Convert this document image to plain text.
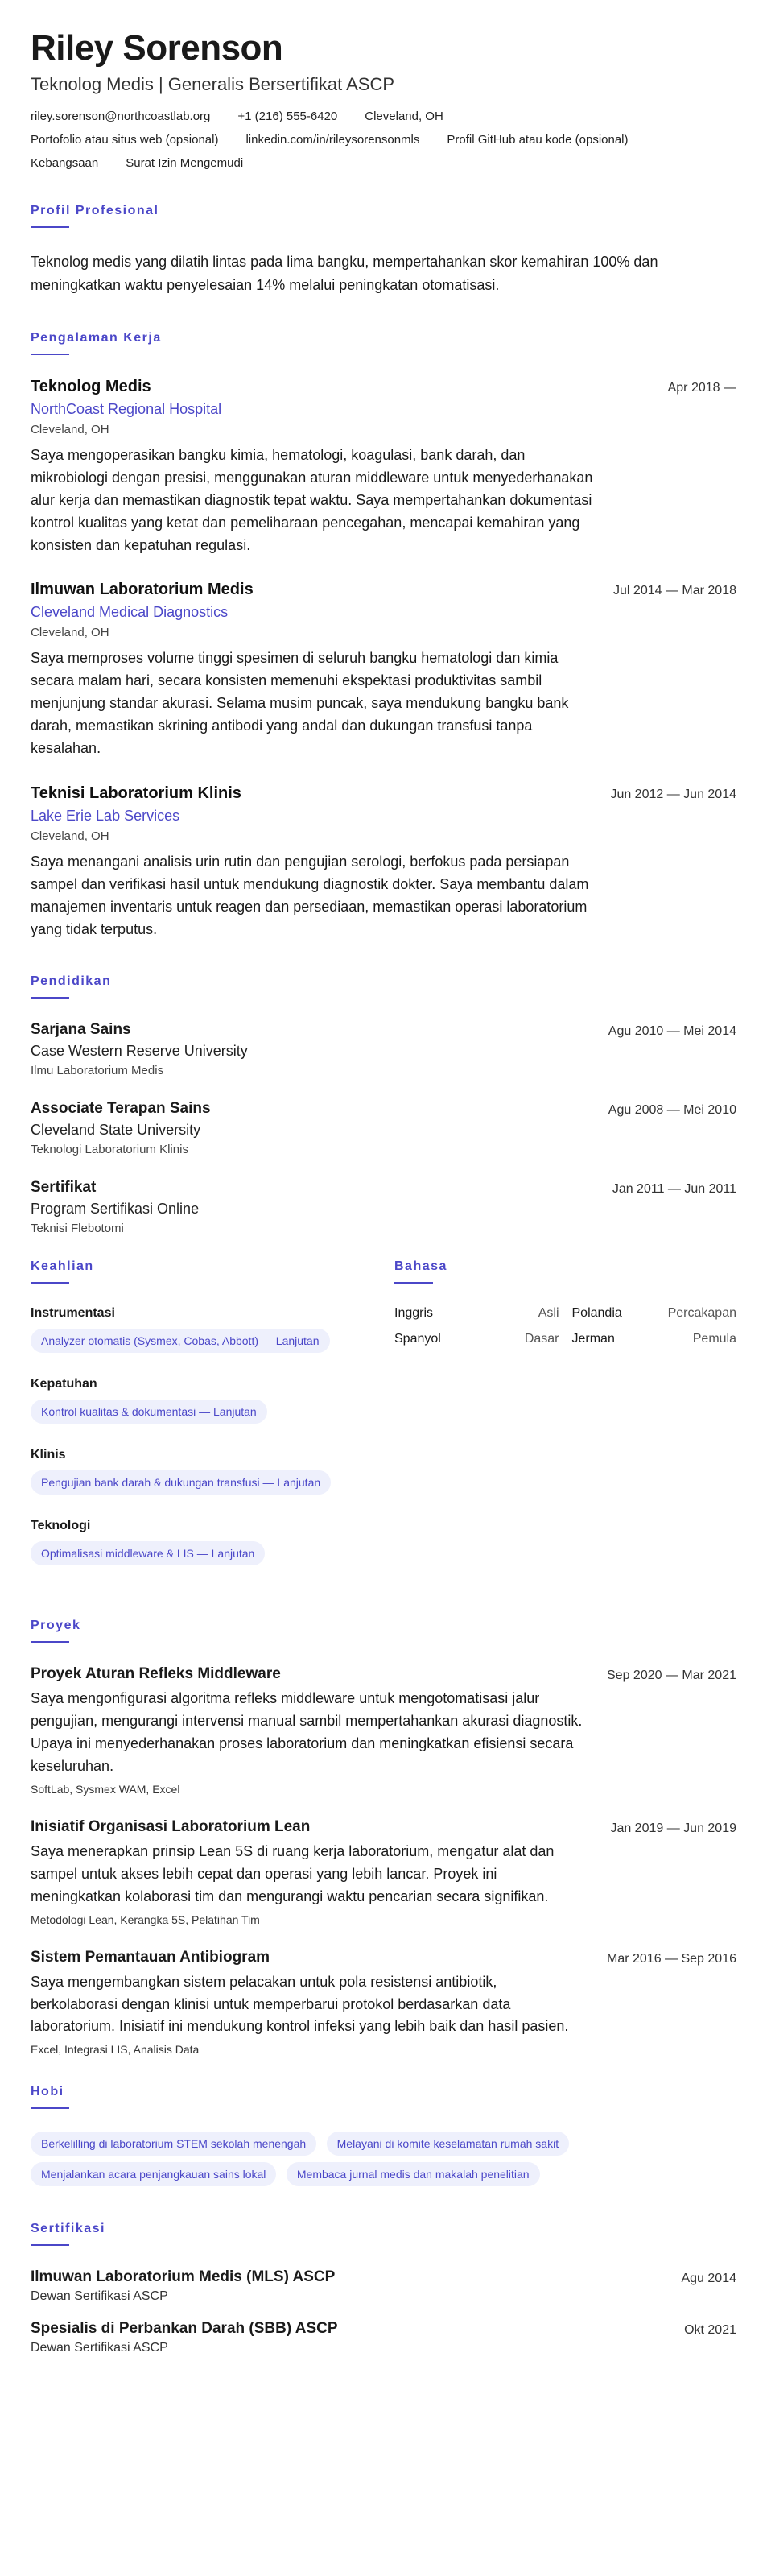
Riley Sorenson
Teknolog Medis | Generalis Bersertifikat ASCP
riley.sorenson@northcoastlab.org +1 (216) 555-6420 Cleveland, OH
Portofolio atau situs web (opsional) linkedin.com/in/rileysorensonmls Profil GitHub atau kode (opsional)
Kebangsaan Surat Izin Mengemudi
Profil Profesional

Teknolog medis yang dilatih lintas pada lima bangku, mempertahankan skor kemahiran 100% dan meningkatkan waktu penyelesaian 14% melalui peningkatan otomatisasi.

Pengalaman Kerja
Teknolog Medis
NorthCoast Regional Hospital
Cleveland, OH
Saya mengoperasikan bangku kimia, hematologi, koagulasi, bank darah, dan mikrobiologi dengan presisi, menggunakan aturan middleware untuk menyederhanakan alur kerja dan memastikan diagnostik tepat waktu. Saya mempertahankan dokumentasi kontrol kualitas yang ketat dan pemeliharaan pencegahan, mencapai kemahiran yang konsisten dan kepatuhan regulasi.
Apr 2018 —
Ilmuwan Laboratorium Medis
Cleveland Medical Diagnostics
Cleveland, OH
Saya memproses volume tinggi spesimen di seluruh bangku hematologi dan kimia secara malam hari, secara konsisten memenuhi ekspektasi produktivitas sambil menjunjung standar akurasi. Selama musim puncak, saya mendukung bangku bank darah, memastikan skrining antibodi yang andal dan dukungan transfusi tanpa kesalahan.
Jul 2014 — Mar 2018
Teknisi Laboratorium Klinis
Lake Erie Lab Services
Cleveland, OH
Saya menangani analisis urin rutin dan pengujian serologi, berfokus pada persiapan sampel dan verifikasi hasil untuk mendukung diagnostik dokter. Saya membantu dalam manajemen inventaris untuk reagen dan persediaan, memastikan operasi laboratorium yang tidak terputus.
Jun 2012 — Jun 2014
Pendidikan
Sarjana Sains
Case Western Reserve University
Ilmu Laboratorium Medis
Agu 2010 — Mei 2014
Associate Terapan Sains
Cleveland State University
Teknologi Laboratorium Klinis
Agu 2008 — Mei 2010
Sertifikat
Program Sertifikasi Online
Teknisi Flebotomi
Jan 2011 — Jun 2011
Keahlian
Instrumentasi
Analyzer otomatis (Sysmex, Cobas, Abbott) — Lanjutan
Kepatuhan
Kontrol kualitas & dokumentasi — Lanjutan
Klinis
Pengujian bank darah & dukungan transfusi — Lanjutan
Teknologi
Optimalisasi middleware & LIS — Lanjutan
Bahasa
Inggris	Asli Polandia	Percakapan
Spanyol	Dasar Jerman	Pemula
Proyek
Proyek Aturan Refleks Middleware
Saya mengonfigurasi algoritma refleks middleware untuk mengotomatisasi jalur pengujian, mengurangi intervensi manual sambil mempertahankan akurasi diagnostik. Upaya ini menyederhanakan proses laboratorium dan meningkatkan efisiensi secara keseluruhan.
SoftLab, Sysmex WAM, Excel
Sep 2020 — Mar 2021
Inisiatif Organisasi Laboratorium Lean
Saya menerapkan prinsip Lean 5S di ruang kerja laboratorium, mengatur alat dan sampel untuk akses lebih cepat dan operasi yang lebih lancar. Proyek ini meningkatkan kolaborasi tim dan mengurangi waktu pencarian secara signifikan.
Metodologi Lean, Kerangka 5S, Pelatihan Tim
Jan 2019 — Jun 2019
Sistem Pemantauan Antibiogram
Saya mengembangkan sistem pelacakan untuk pola resistensi antibiotik, berkolaborasi dengan klinisi untuk memperbarui protokol berdasarkan data laboratorium. Inisiatif ini mendukung kontrol infeksi yang lebih baik dan hasil pasien.
Excel, Integrasi LIS, Analisis Data
Mar 2016 — Sep 2016
Hobi
Berkelilling di laboratorium STEM sekolah menengah	Melayani di komite keselamatan rumah sakit
Menjalankan acara penjangkauan sains lokal	Membaca jurnal medis dan makalah penelitian
Sertifikasi
Ilmuwan Laboratorium Medis (MLS) ASCP
Dewan Sertifikasi ASCP
Agu 2014
Spesialis di Perbankan Darah (SBB) ASCP
Dewan Sertifikasi ASCP
Okt 2021
